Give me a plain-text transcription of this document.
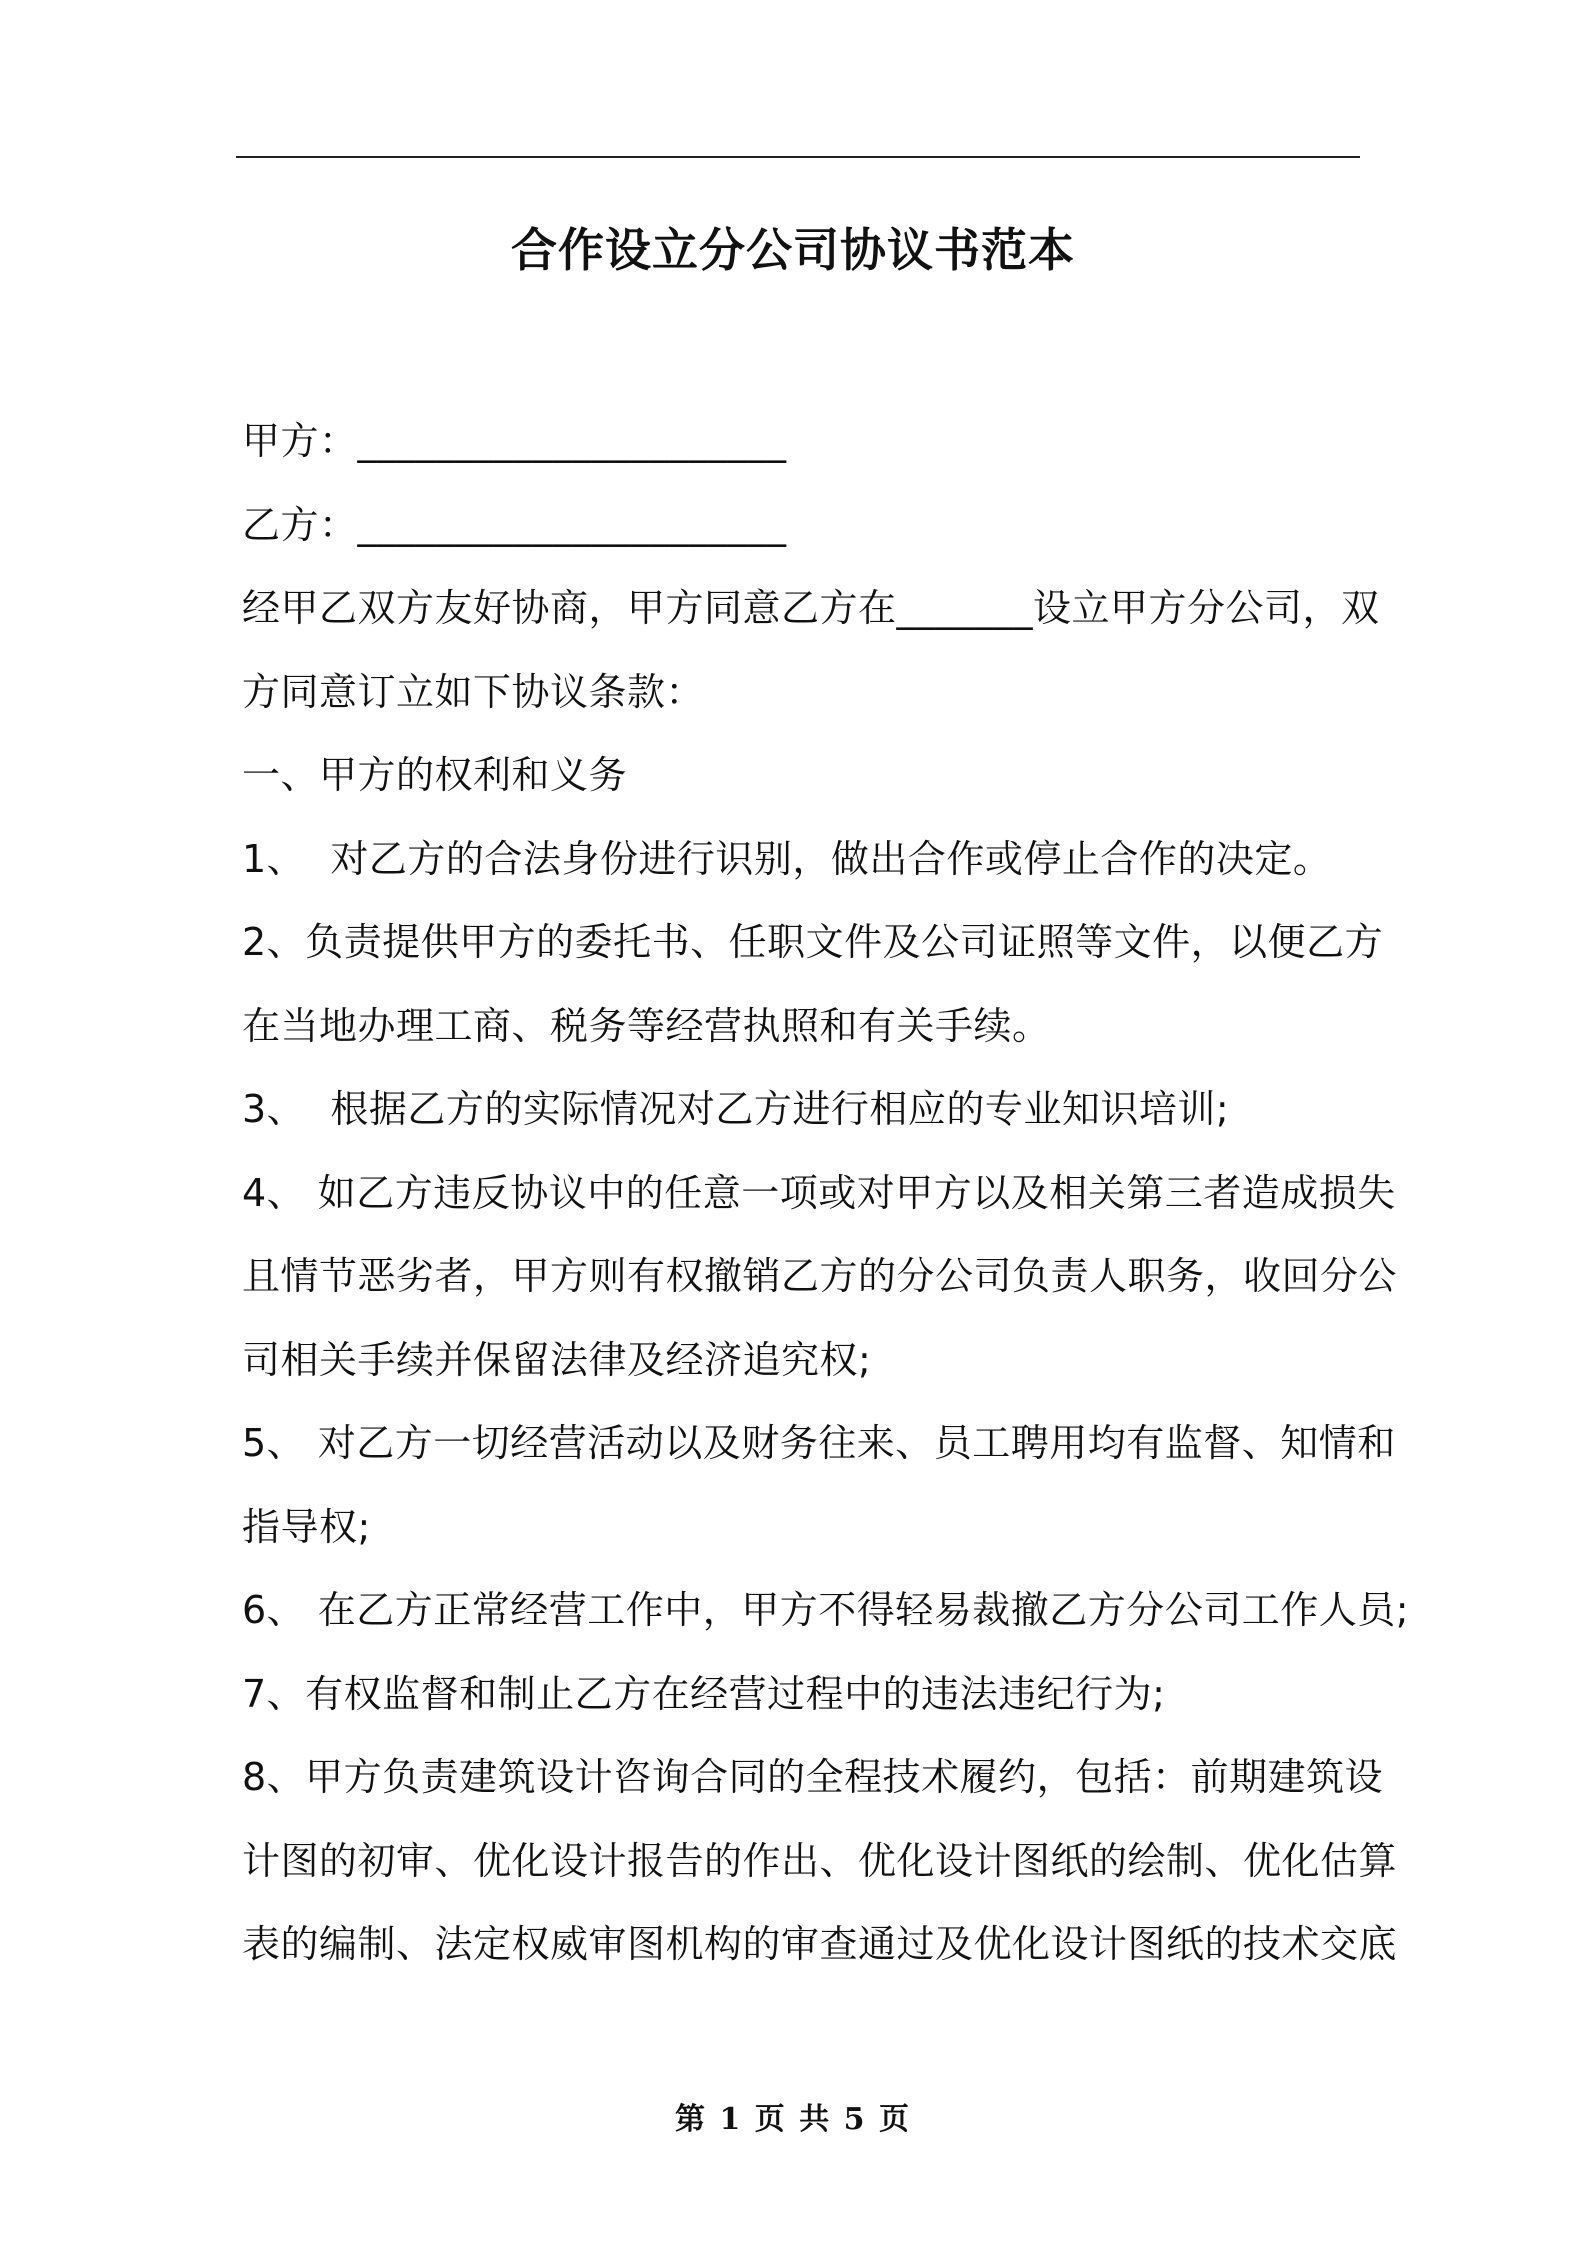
合作设立分公司协议书范本
甲方：______________________
乙方：______________________
经甲乙双方友好协商，甲方同意乙方在_______设立甲方分公司，双
方同意订立如下协议条款：
一、甲方的权利和义务
1、  对乙方的合法身份进行识别，做出合作或停止合作的决定。
2、负责提供甲方的委托书、任职文件及公司证照等文件，以便乙方
在当地办理工商、税务等经营执照和有关手续。
3、  根据乙方的实际情况对乙方进行相应的专业知识培训;
4、 如乙方违反协议中的任意一项或对甲方以及相关第三者造成损失
且情节恶劣者，甲方则有权撤销乙方的分公司负责人职务，收回分公
司相关手续并保留法律及经济追究权;
5、 对乙方一切经营活动以及财务往来、员工聘用均有监督、知情和
指导权;
6、 在乙方正常经营工作中，甲方不得轻易裁撤乙方分公司工作人员;
7、有权监督和制止乙方在经营过程中的违法违纪行为;
8、甲方负责建筑设计咨询合同的全程技术履约，包括：前期建筑设
计图的初审、优化设计报告的作出、优化设计图纸的绘制、优化估算
表的编制、法定权威审图机构的审查通过及优化设计图纸的技术交底
第 1 页 共 5 页
